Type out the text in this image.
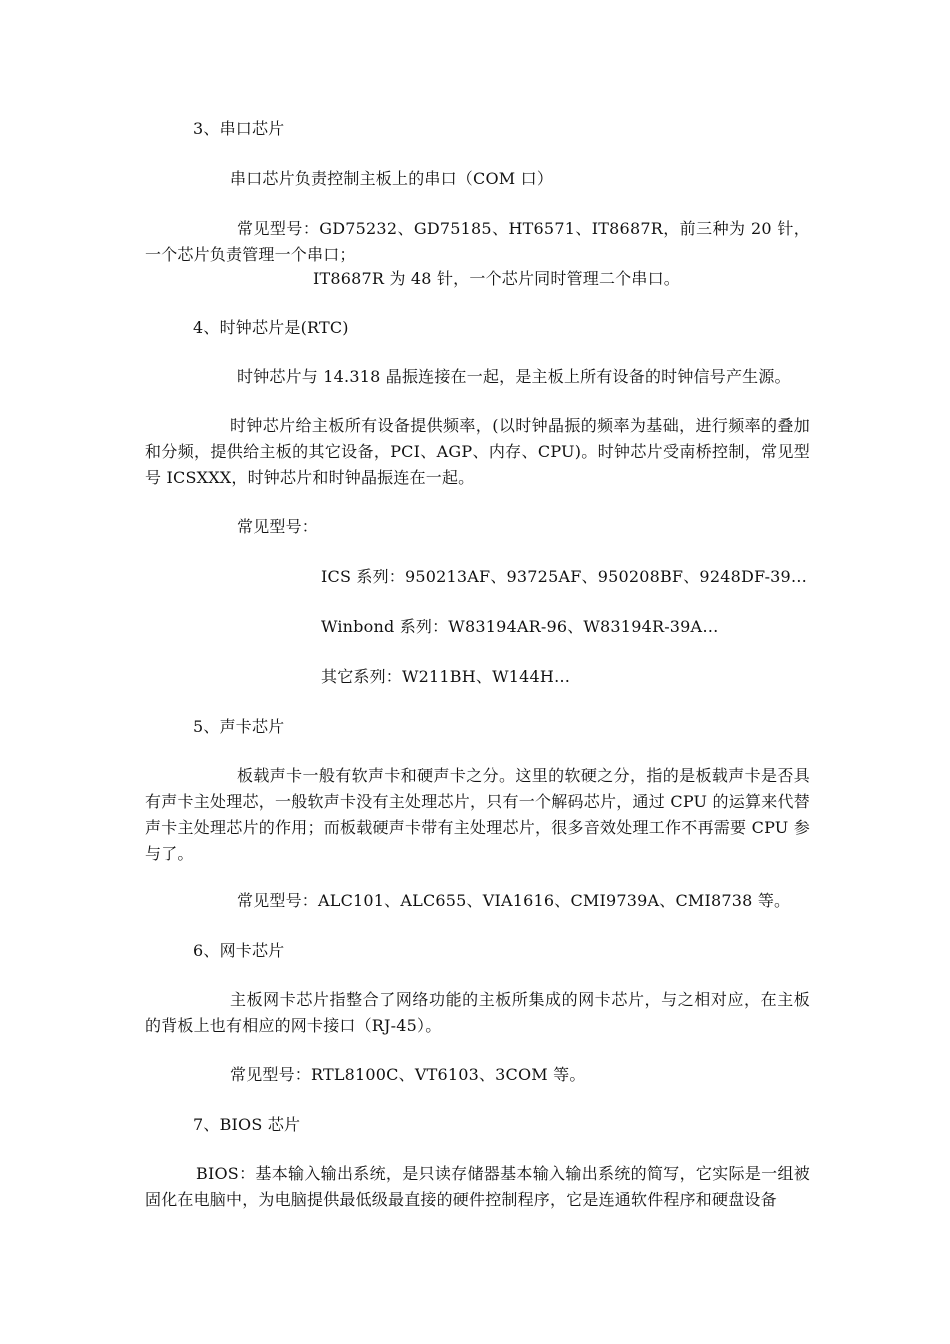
3、串口芯片
串口芯片负责控制主板上的串口（COM 口）
常见型号：GD75232、GD75185、HT6571、IT8687R，前三种为 20 针，一个芯片负责管理一个串口；
IT8687R 为 48 针，一个芯片同时管理二个串口。
4、时钟芯片是(RTC)
时钟芯片与 14.318 晶振连接在一起，是主板上所有设备的时钟信号产生源。
时钟芯片给主板所有设备提供频率，(以时钟晶振的频率为基础，进行频率的叠加和分频，提供给主板的其它设备，PCI、AGP、内存、CPU)。时钟芯片受南桥控制，常见型号 ICSXXX，时钟芯片和时钟晶振连在一起。
常见型号：
ICS 系列：950213AF、93725AF、950208BF、9248DF-39…
Winbond 系列：W83194AR-96、W83194R-39A…
其它系列：W211BH、W144H…
5、声卡芯片
板载声卡一般有软声卡和硬声卡之分。这里的软硬之分，指的是板载声卡是否具有声卡主处理芯，一般软声卡没有主处理芯片，只有一个解码芯片，通过 CPU 的运算来代替声卡主处理芯片的作用；而板载硬声卡带有主处理芯片，很多音效处理工作不再需要 CPU 参与了。
常见型号：ALC101、ALC655、VIA1616、CMI9739A、CMI8738 等。
6、网卡芯片
主板网卡芯片指整合了网络功能的主板所集成的网卡芯片，与之相对应，在主板的背板上也有相应的网卡接口（RJ-45）。
常见型号：RTL8100C、VT6103、3COM 等。
7、BIOS 芯片
BIOS：基本输入输出系统，是只读存储器基本输入输出系统的简写，它实际是一组被固化在电脑中，为电脑提供最低级最直接的硬件控制程序，它是连通软件程序和硬盘设备
